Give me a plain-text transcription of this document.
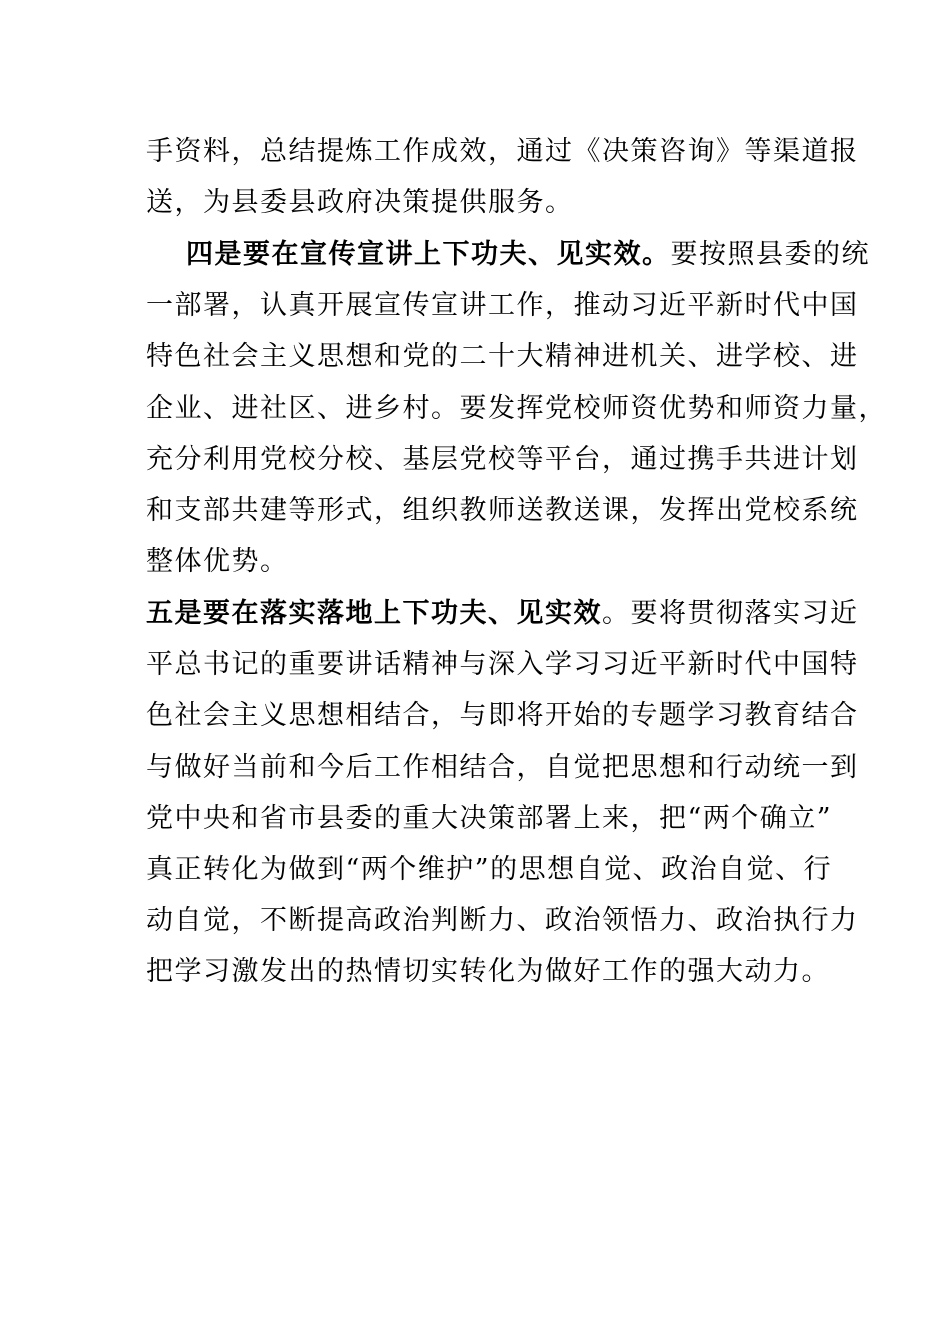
手资料，总结提炼工作成效，通过《决策咨询》等渠道报
送，为县委县政府决策提供服务。
四是要在宣传宣讲上下功夫、见实效。要按照县委的统
一部署，认真开展宣传宣讲工作，推动习近平新时代中国
特色社会主义思想和党的二十大精神进机关、进学校、进
企业、进社区、进乡村。要发挥党校师资优势和师资力量，
充分利用党校分校、基层党校等平台，通过携手共进计划
和支部共建等形式，组织教师送教送课，发挥出党校系统
整体优势。
五是要在落实落地上下功夫、见实效。要将贯彻落实习近
平总书记的重要讲话精神与深入学习习近平新时代中国特
色社会主义思想相结合，与即将开始的专题学习教育结合
与做好当前和今后工作相结合，自觉把思想和行动统一到
党中央和省市县委的重大决策部署上来，把“两个确立”
真正转化为做到“两个维护”的思想自觉、政治自觉、行
动自觉，不断提高政治判断力、政治领悟力、政治执行力
把学习激发出的热情切实转化为做好工作的强大动力。
